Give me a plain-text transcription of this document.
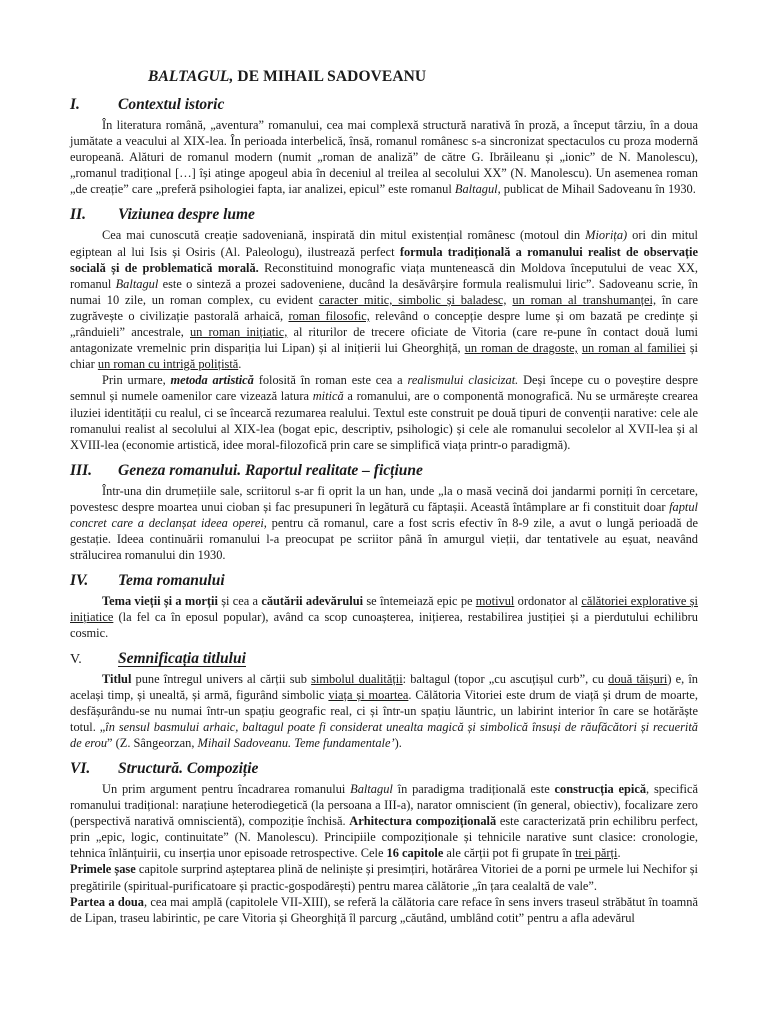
BALTAGUL, DE MIHAIL SADOVEANU
I.	Contextul istoric

În literatura română, „aventura” romanului, cea mai complexă structură narativă în proză, a început târziu, în a doua jumătate a veacului al XIX-lea. În perioada interbelică, însă, romanul românesc s-a sincronizat spectaculos cu proza modernă europeană. Alături de romanul modern (numit „roman de analiză” de către G. Ibrăileanu și „ionic” de N. Manolescu), „romanul tradițional […] își atinge apogeul abia în deceniul al treilea al secolului XX” (N. Manolescu). Un asemenea roman „de creație” care „preferă psihologiei fapta, iar analizei, epicul” este romanul Baltagul, publicat de Mihail Sadoveanu în 1930.

II.	Viziunea despre lume

Cea mai cunoscută creație sadoveniană, inspirată din mitul existențial românesc (motoul din Miorița) ori din mitul egiptean al lui Isis și Osiris (Al. Paleologu), ilustrează perfect formula tradițională a romanului realist de observație socială și de problematică morală. Reconstituind monografic viața muntenească din Moldova începutului de veac XX, romanul Baltagul este o sinteză a prozei sadoveniene, ducând la desăvârșire formula realismului liric”. Sadoveanu scrie, în numai 10 zile, un roman complex, cu evident caracter mitic, simbolic și baladesc, un roman al transhumanței, în care zugrăvește o civilizație pastorală arhaică, roman filosofic, relevând o concepție despre lume și om bazată pe credințe și „rânduieli” ancestrale, un roman inițiatic, al riturilor de trecere oficiate de Vitoria (care re-pune în contact două lumi antagonizate vremelnic prin dispariția lui Lipan) și al inițierii lui Gheorghiță, un roman de dragoste, un roman al familiei și chiar un roman cu intrigă polițistă.

Prin urmare, metoda artistică folosită în roman este cea a realismului clasicizat. Deși începe cu o poveștire despre semnul și numele oamenilor care vizează latura mitică a romanului, are o componentă monografică. Nu se urmărește crearea iluziei identității cu realul, ci se încearcă rezumarea realului. Textul este construit pe două tipuri de convenții narative: cele ale romanului realist al secolului al XIX-lea (bogat epic, descriptiv, psihologic) și cele ale romanului secolelor al XVII-lea și al XVIII-lea (economie artistică, idee moral-filozofică prin care se simplifică viața printr-o paradigmă).

III.	Geneza romanului. Raportul realitate – ficțiune

Într-una din drumețiile sale, scriitorul s-ar fi oprit la un han, unde „la o masă vecină doi jandarmi porniți în cercetare, povestesc despre moartea unui cioban și fac presupuneri în legătură cu făptașii. Această întâmplare ar fi constituit doar faptul concret care a declanșat ideea operei, pentru că romanul, care a fost scris efectiv în 8-9 zile, a avut o lungă perioadă de gestație. Ideea continuării romanului l-a preocupat pe scriitor până în amurgul vieții, dar tentativele au eșuat, neavând strălucirea romanului din 1930.

IV.	Tema romanului

Tema vieții și a morții și cea a căutării adevărului se întemeiază epic pe motivul ordonator al călătoriei explorative și inițiatice (la fel ca în eposul popular), având ca scop cunoașterea, inițierea, restabilirea justiției și a pierdutului echilibru cosmic.

V.	Semnificația titlului

Titlul pune întregul univers al cărții sub simbolul dualității: baltagul (topor „cu ascuțișul curb”, cu două tăișuri) e, în același timp, și unealtă, și armă, figurând simbolic viața și moartea. Călătoria Vitoriei este drum de viață și drum de moarte, desfășurându-se nu numai într-un spațiu geografic real, ci și într-un spațiu lăuntric, un labirint interior în care se hotărăște totul. „în sensul basmului arhaic, baltagul poate fi considerat unealta magică și simbolică însuși de răufăcători și recuerită de erou” (Z. Sângeorzan, Mihail Sadoveanu. Teme fundamentale’).

VI.	Structură. Compoziție

Un prim argument pentru încadrarea romanului Baltagul în paradigma tradițională este construcția epică, specifică romanului tradițional: narațiune heterodiegetică (la persoana a III-a), narator omniscient (în general, obiectiv), focalizare zero (perspectivă narativă omniscientă), compoziție închisă. Arhitectura compozițională este caracterizată prin echilibru perfect, prin „epic, logic, continuitate” (N. Manolescu). Principiile compoziționale și tehnicile narative sunt clasice: cronologie, tehnica înlănțuirii, cu inserția unor episoade retrospective. Cele 16 capitole ale cărții pot fi grupate în trei părți.
Primele șase capitole surprind așteptarea plină de neliniște și presimțiri, hotărârea Vitoriei de a porni pe urmele lui Nechifor și pregătirile (spiritual-purificatoare și practic-gospodărești) pentru marea călătorie „în țara cealaltă de vale”.
Partea a doua, cea mai amplă (capitolele VII-XIII), se referă la călătoria care reface în sens invers traseul străbătut în toamnă de Lipan, traseu labirintic, pe care Vitoria și Gheorghiță îl parcurg „căutând, umblând cotit” pentru a afla adevărul
